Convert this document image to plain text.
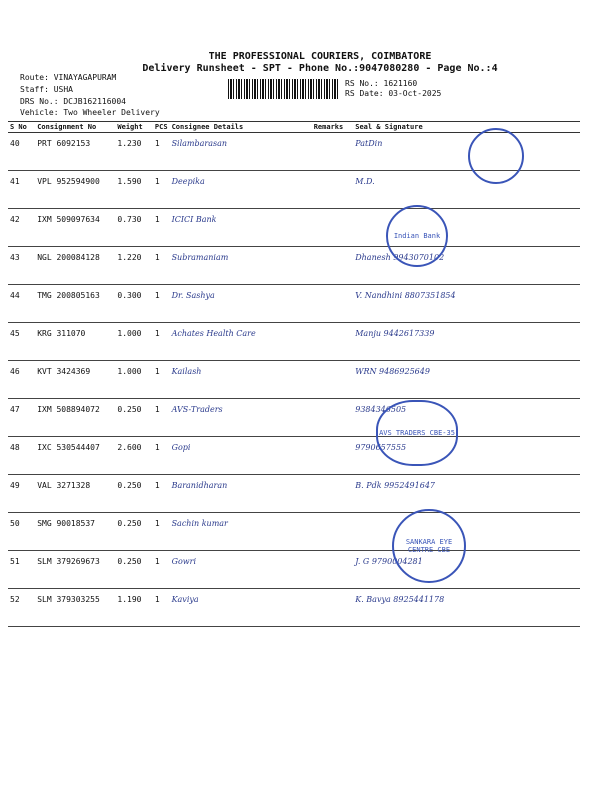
THE PROFESSIONAL COURIERS, COIMBATORE
Delivery Runsheet - SPT - Phone No.:9047080280 - Page No.:4
Route: VINAYAGAPURAM
Staff: USHA
DRS No.: DCJB162116004
Vehicle: Two Wheeler Delivery
RS No.: 1621160
RS Date: 03-Oct-2025
S No	Consignment No	Weight	PCS	Consignee Details	Remarks	Seal & Signature
40	PRT 6092153	1.230	1	Silambarasan		PatDin
41	VPL 952594900	1.590	1	Deepika		M.D.
42	IXM 509097634	0.730	1	ICICI Bank		
43	NGL 200084128	1.220	1	Subramaniam		Dhanesh 9943070102
44	TMG 200805163	0.300	1	Dr. Sashya		V. Nandhini 8807351854
45	KRG 311070	1.000	1	Achates Health Care		Manju 9442617339
46	KVT 3424369	1.000	1	Kailash		WRN 9486925649
47	IXM 508894072	0.250	1	AVS-Traders		9384346505
48	IXC 530544407	2.600	1	Gopi		9790657555
49	VAL 3271328	0.250	1	Baranidharan		B. Pdk 9952491647
50	SMG 90018537	0.250	1	Sachin kumar		
51	SLM 379269673	0.250	1	Gowri		J. G 9790004281
52	SLM 379303255	1.190	1	Kaviya		K. Bavya 8925441178
Indian Bank
AVS TRADERS CBE-35
SANKARA EYE CENTRE CBE
